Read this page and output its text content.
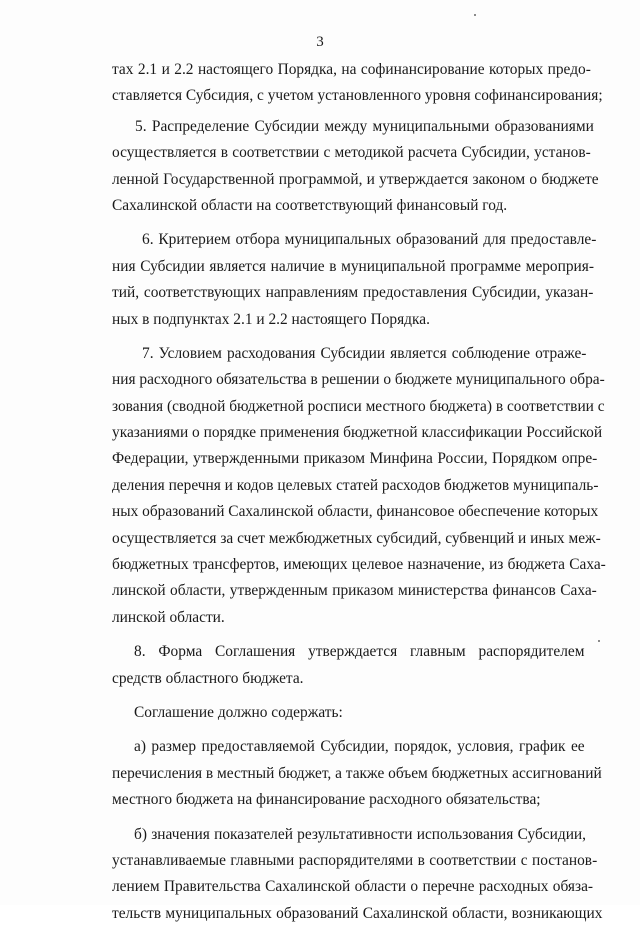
3

тах 2.1 и 2.2 настоящего Порядка, на софинансирование которых предо-
ставляется Субсидия, с учетом установленного уровня софинансирования;

5. Распределение Субсидии между муниципальными образованиями
осуществляется в соответствии с методикой расчета Субсидии, установ-
ленной Государственной программой, и утверждается законом о бюджете
Сахалинской области на соответствующий финансовый год.

6. Критерием отбора муниципальных образований для предоставле-
ния Субсидии является наличие в муниципальной программе мероприя-
тий, соответствующих направлениям предоставления Субсидии, указан-
ных в подпунктах 2.1 и 2.2 настоящего Порядка.

7. Условием расходования Субсидии является соблюдение отраже-
ния расходного обязательства в решении о бюджете муниципального обра-
зования (сводной бюджетной росписи местного бюджета) в соответствии с
указаниями о порядке применения бюджетной классификации Российской
Федерации, утвержденными приказом Минфина России, Порядком опре-
деления перечня и кодов целевых статей расходов бюджетов муниципаль-
ных образований Сахалинской области, финансовое обеспечение которых
осуществляется за счет межбюджетных субсидий, субвенций и иных меж-
бюджетных трансфертов, имеющих целевое назначение, из бюджета Саха-
линской области, утвержденным приказом министерства финансов Саха-
линской области.

8. Форма Соглашения утверждается главным распорядителем
средств областного бюджета.

Соглашение должно содержать:

а) размер предоставляемой Субсидии, порядок, условия, график ее
перечисления в местный бюджет, а также объем бюджетных ассигнований
местного бюджета на финансирование расходного обязательства;

б) значения показателей результативности использования Субсидии,
устанавливаемые главными распорядителями в соответствии с постанов-
лением Правительства Сахалинской области о перечне расходных обяза-
тельств муниципальных образований Сахалинской области, возникающих
